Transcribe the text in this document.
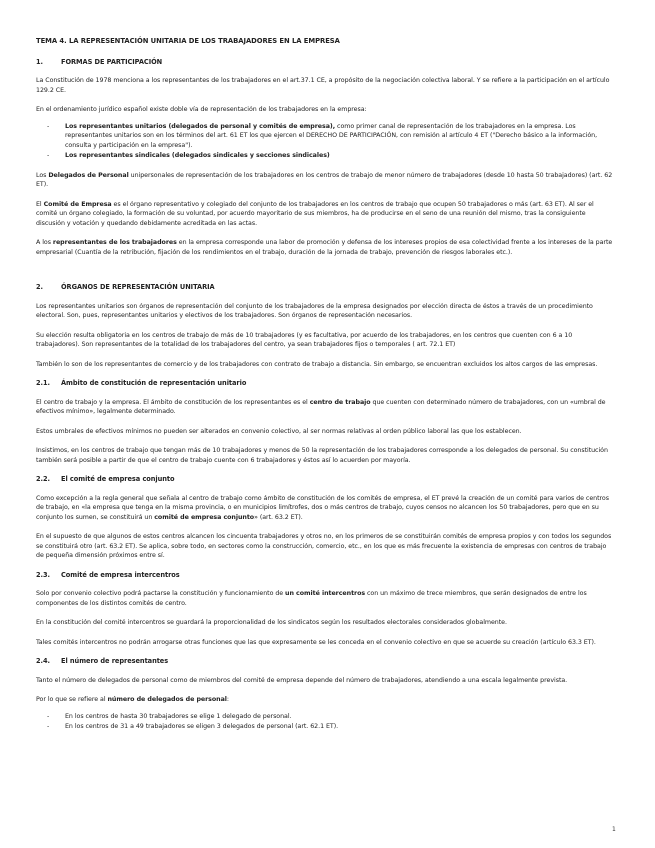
TEMA 4. LA REPRESENTACIÓN UNITARIA DE LOS TRABAJADORES EN LA EMPRESA

1.	FORMAS DE PARTICIPACIÓN

La Constitución de 1978 menciona a los representantes de los trabajadores en el art.37.1 CE, a propósito de la negociación colectiva laboral. Y se refiere a la participación en el artículo 129.2 CE.

En el ordenamiento jurídico español existe doble vía de representación de los trabajadores en la empresa:

-	Los representantes unitarios (delegados de personal y comités de empresa), como primer canal de representación de los trabajadores en la empresa. Los representantes unitarios son en los términos del art. 61 ET los que ejercen el DERECHO DE PARTICIPACIÓN, con remisión al artículo 4 ET ("Derecho básico a la información, consulta y participación en la empresa").
-	Los representantes sindicales (delegados sindicales y secciones sindicales)

Los Delegados de Personal unipersonales de representación de los trabajadores en los centros de trabajo de menor número de trabajadores (desde 10 hasta 50 trabajadores) (art. 62 ET).

El Comité de Empresa es el órgano representativo y colegiado del conjunto de los trabajadores en los centros de trabajo que ocupen 50 trabajadores o más (art. 63 ET). Al ser el comité un órgano colegiado, la formación de su voluntad, por acuerdo mayoritario de sus miembros, ha de producirse en el seno de una reunión del mismo, tras la consiguiente discusión y votación y quedando debidamente acreditada en las actas.

A los representantes de los trabajadores en la empresa corresponde una labor de promoción y defensa de los intereses propios de esa colectividad frente a los intereses de la parte empresarial (Cuantía de la retribución, fijación de los rendimientos en el trabajo, duración de la jornada de trabajo, prevención de riesgos laborales etc.).

2.	ÓRGANOS DE REPRESENTACIÓN UNITARIA

Los representantes unitarios son órganos de representación del conjunto de los trabajadores de la empresa designados por elección directa de éstos a través de un procedimiento electoral. Son, pues, representantes unitarios y electivos de los trabajadores. Son órganos de representación necesarios.

Su elección resulta obligatoria en los centros de trabajo de más de 10 trabajadores (y es facultativa, por acuerdo de los trabajadores, en los centros que cuenten con 6 a 10 trabajadores). Son representantes de la totalidad de los trabajadores del centro, ya sean trabajadores fijos o temporales ( art. 72.1 ET)

También lo son de los representantes de comercio y de los trabajadores con contrato de trabajo a distancia. Sin embargo, se encuentran excluidos los altos cargos de las empresas.

2.1.	Ámbito de constitución de representación unitario

El centro de trabajo y la empresa. El ámbito de constitución de los representantes es el centro de trabajo que cuenten con determinado número de trabajadores, con un «umbral de efectivos mínimo», legalmente determinado.

Estos umbrales de efectivos mínimos no pueden ser alterados en convenio colectivo, al ser normas relativas al orden público laboral las que los establecen.

Insistimos, en los centros de trabajo que tengan más de 10 trabajadores y menos de 50 la representación de los trabajadores corresponde a los delegados de personal. Su constitución también será posible a partir de que el centro de trabajo cuente con 6 trabajadores y éstos así lo acuerden por mayoría.

2.2.	El comité de empresa conjunto

Como excepción a la regla general que señala al centro de trabajo como ámbito de constitución de los comités de empresa, el ET prevé la creación de un comité para varios de centros de trabajo, en «la empresa que tenga en la misma provincia, o en municipios limítrofes, dos o más centros de trabajo, cuyos censos no alcancen los 50 trabajadores, pero que en su conjunto los sumen, se constituirá un comité de empresa conjunto» (art. 63.2 ET).

En el supuesto de que algunos de estos centros alcancen los cincuenta trabajadores y otros no, en los primeros de se constituirán comités de empresa propios y con todos los segundos se constituirá otro (art. 63.2 ET). Se aplica, sobre todo, en sectores como la construcción, comercio, etc., en los que es más frecuente la existencia de empresas con centros de trabajo de pequeña dimensión próximos entre sí.

2.3.	Comité de empresa intercentros

Solo por convenio colectivo podrá pactarse la constitución y funcionamiento de un comité intercentros con un máximo de trece miembros, que serán designados de entre los componentes de los distintos comités de centro.

En la constitución del comité intercentros se guardará la proporcionalidad de los sindicatos según los resultados electorales considerados globalmente.

Tales comités intercentros no podrán arrogarse otras funciones que las que expresamente se les conceda en el convenio colectivo en que se acuerde su creación (artículo 63.3 ET).

2.4.	El número de representantes

Tanto el número de delegados de personal como de miembros del comité de empresa depende del número de trabajadores, atendiendo a una escala legalmente prevista.

Por lo que se refiere al número de delegados de personal:

-	En los centros de hasta 30 trabajadores se elige 1 delegado de personal.
-	En los centros de 31 a 49 trabajadores se eligen 3 delegados de personal (art. 62.1 ET).
1
